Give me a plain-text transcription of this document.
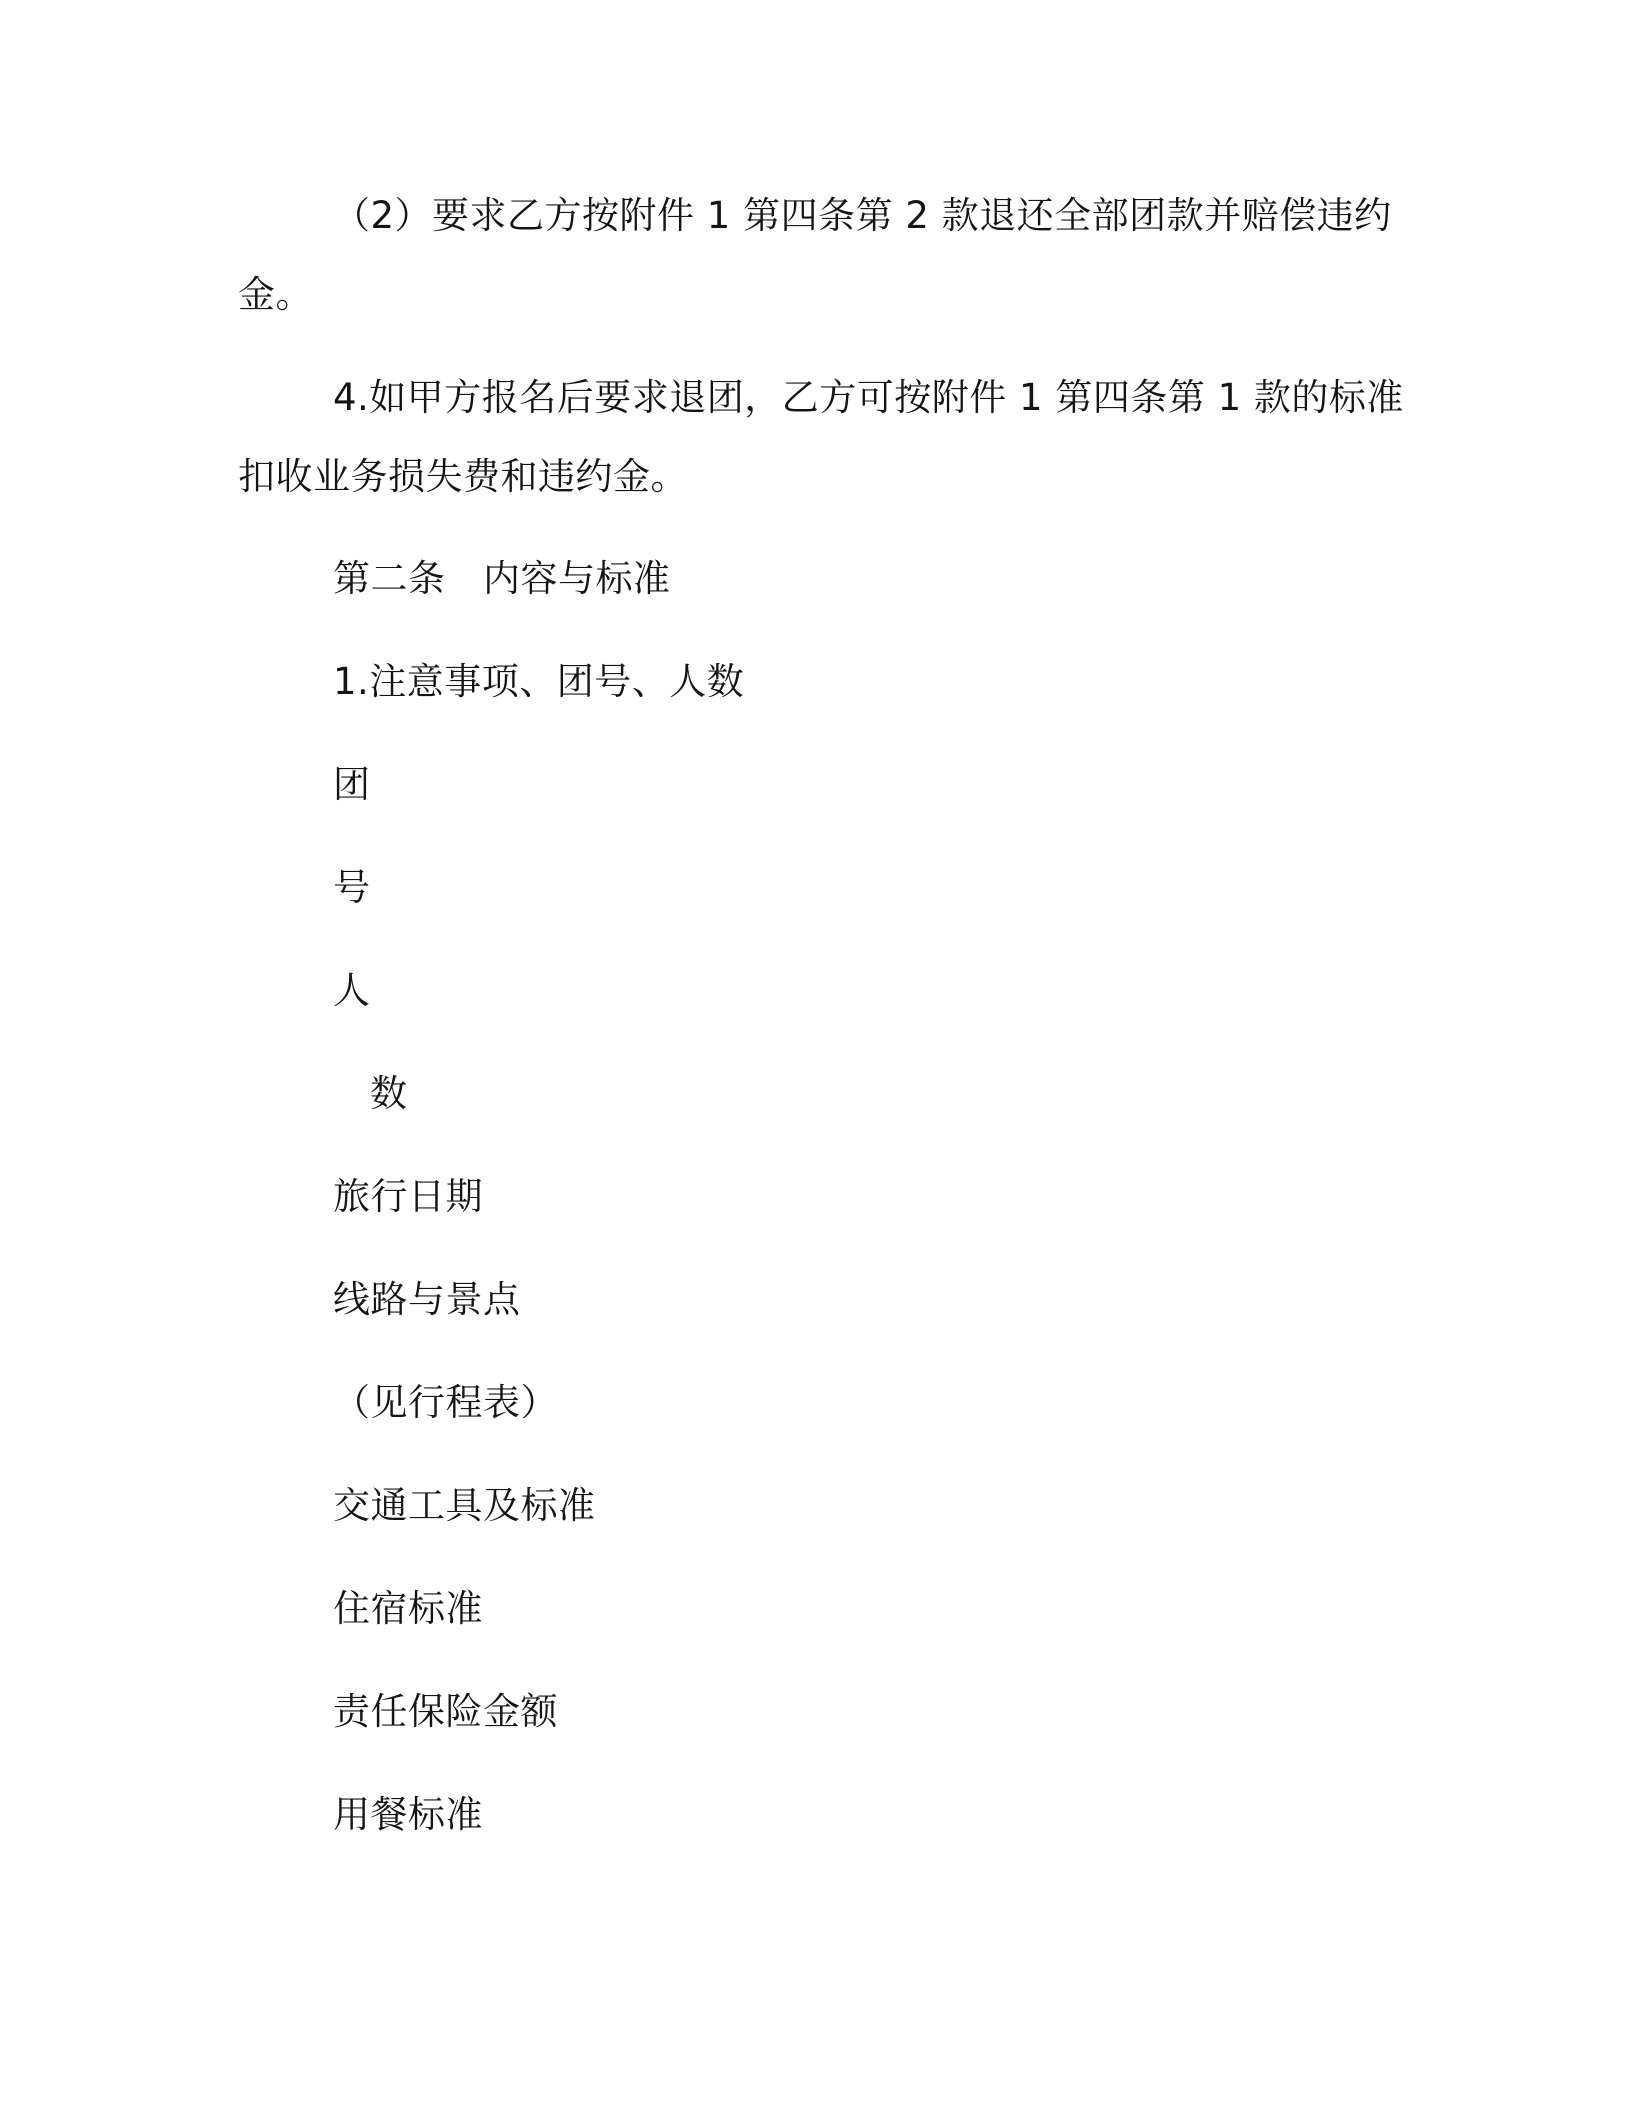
（2）要求乙方按附件 1 第四条第 2 款退还全部团款并赔偿违约
金。
4.如甲方报名后要求退团，乙方可按附件 1 第四条第 1 款的标准
扣收业务损失费和违约金。
第二条　内容与标准
1.注意事项、团号、人数
团
号
人
数
旅行日期
线路与景点
（见行程表）
交通工具及标准
住宿标准
责任保险金额
用餐标准
